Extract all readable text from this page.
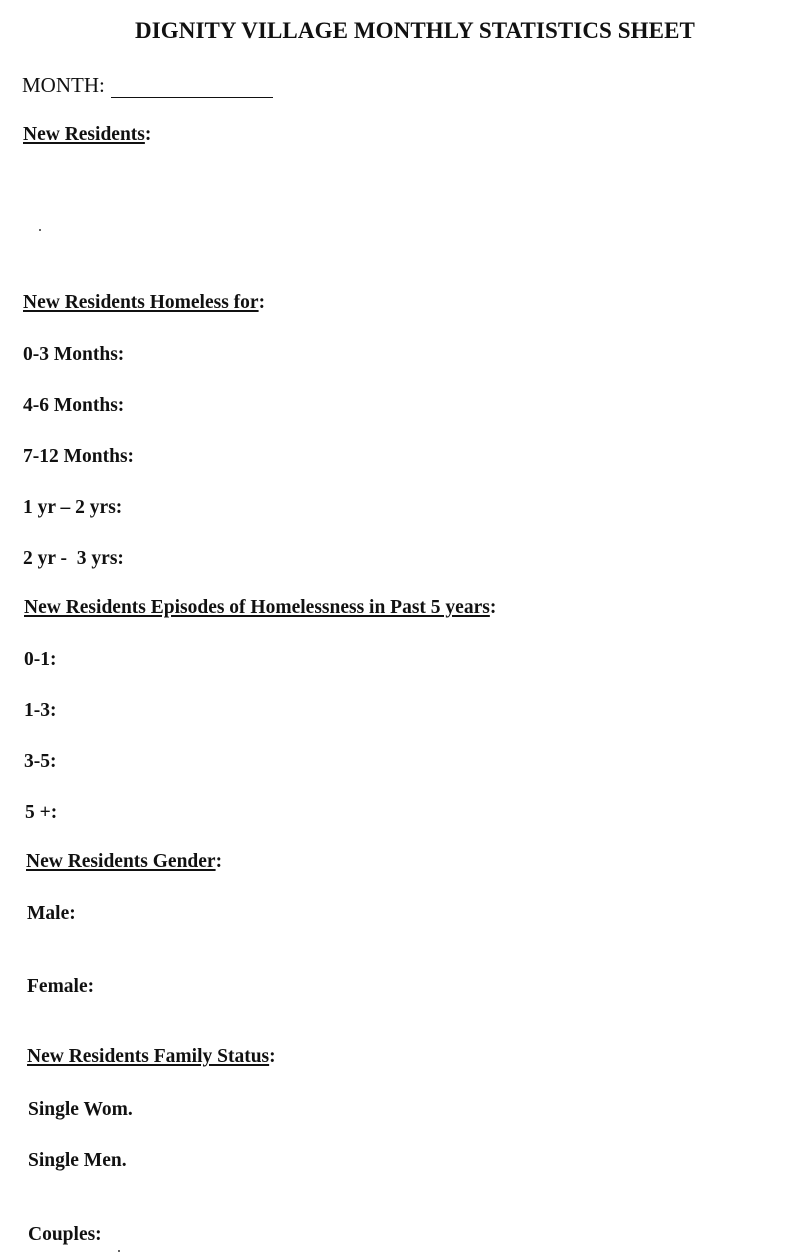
DIGNITY VILLAGE MONTHLY STATISTICS SHEET
MONTH:
New Residents:
New Residents Homeless for:
0-3 Months:
4-6 Months:
7-12 Months:
1 yr – 2 yrs:
2 yr -  3 yrs:
New Residents Episodes of Homelessness in Past 5 years:
0-1:
1-3:
3-5:
5 +:
New Residents Gender:
Male:
Female:
New Residents Family Status:
Single Wom.
Single Men.
Couples:
